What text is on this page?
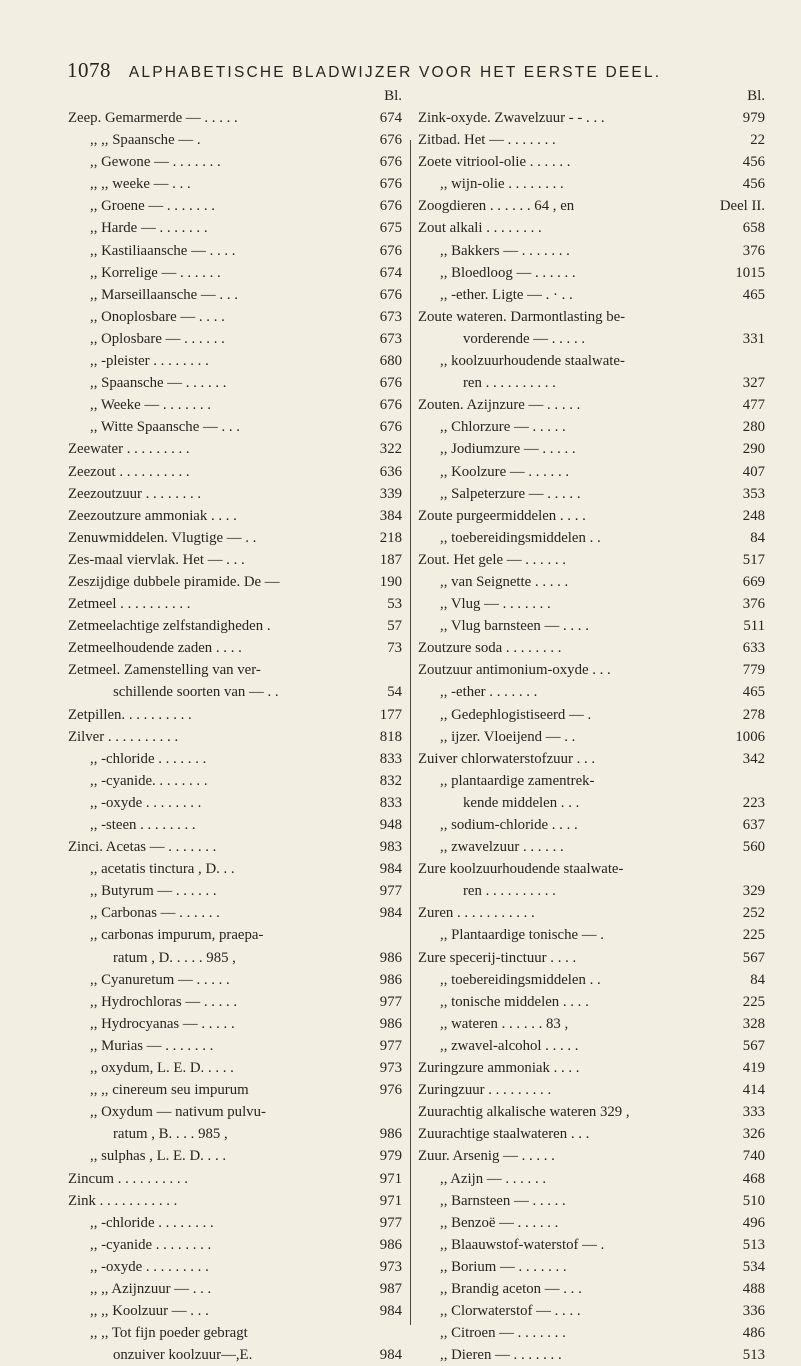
1078 ALPHABETISCHE BLADWIJZER VOOR HET EERSTE DEEL.
Bl.
Zeep. Gemarmerde — . . . . .	674
,, ,, Spaansche — .	676
,, Gewone — . . . . . . .	676
,, ,, weeke — . . .	676
,, Groene — . . . . . . .	676
,, Harde — . . . . . . .	675
,, Kastiliaansche — . . . .	676
,, Korrelige — . . . . . .	674
,, Marseillaansche — . . .	676
,, Onoplosbare — . . . .	673
,, Oplosbare — . . . . . .	673
,, -pleister . . . . . . . .	680
,, Spaansche — . . . . . .	676
,, Weeke — . . . . . . .	676
,, Witte Spaansche — . . .	676
Zeewater . . . . . . . . .	322
Zeezout . . . . . . . . . .	636
Zeezoutzuur . . . . . . . .	339
Zeezoutzure ammoniak . . . .	384
Zenuwmiddelen. Vlugtige — . .	218
Zes-maal viervlak. Het — . . .	187
Zeszijdige dubbele piramide. De —	190
Zetmeel . . . . . . . . . .	53
Zetmeelachtige zelfstandigheden .	57
Zetmeelhoudende zaden . . . .	73
Zetmeel. Zamenstelling van ver-
schillende soorten van — . .	54
Zetpillen. . . . . . . . . .	177
Zilver . . . . . . . . . .	818
,, -chloride . . . . . . .	833
,, -cyanide. . . . . . . .	832
,, -oxyde . . . . . . . .	833
,, -steen . . . . . . . .	948
Zinci. Acetas — . . . . . . .	983
,, acetatis tinctura , D. . .	984
,, Butyrum — . . . . . .	977
,, Carbonas — . . . . . .	984
,, carbonas impurum, praepa-
ratum , D. . . . . 985 ,	986
,, Cyanuretum — . . . . .	986
,, Hydrochloras — . . . . .	977
,, Hydrocyanas — . . . . .	986
,, Murias — . . . . . . .	977
,, oxydum, L. E. D. . . . .	973
,, ,, cinereum seu impurum	976
,, Oxydum — nativum pulvu-
ratum , B. . . . 985 ,	986
,, sulphas , L. E. D. . . .	979
Zincum . . . . . . . . . .	971
Zink . . . . . . . . . . .	971
,, -chloride . . . . . . . .	977
,, -cyanide . . . . . . . .	986
,, -oxyde . . . . . . . . .	973
,, ,, Azijnzuur — . . .	987
,, ,, Koolzuur — . . .	984
,, ,, Tot fijn poeder gebragt
onzuiver koolzuur—,E.	984
Bl.
Zink-oxyde. Zwavelzuur - - . . .	979
Zitbad. Het — . . . . . . .	22
Zoete vitriool-olie . . . . . .	456
,, wijn-olie . . . . . . . .	456
Zoogdieren . . . . . . 64 , en	Deel II.
Zout alkali . . . . . . . .	658
,, Bakkers — . . . . . . .	376
,, Bloedloog — . . . . . .	1015
,, -ether. Ligte — . · . .	465
Zoute wateren. Darmontlasting be-
vorderende — . . . . .	331
,, koolzuurhoudende staalwate-
ren . . . . . . . . . .	327
Zouten. Azijnzure — . . . . .	477
,, Chlorzure — . . . . .	280
,, Jodiumzure — . . . . .	290
,, Koolzure — . . . . . .	407
,, Salpeterzure — . . . . .	353
Zoute purgeermiddelen . . . .	248
,, toebereidingsmiddelen . .	84
Zout. Het gele — . . . . . .	517
,, van Seignette . . . . .	669
,, Vlug — . . . . . . .	376
,, Vlug barnsteen — . . . .	511
Zoutzure soda . . . . . . . .	633
Zoutzuur antimonium-oxyde . . .	779
,, -ether . . . . . . .	465
,, Gedephlogistiseerd — .	278
,, ijzer. Vloeijend — . .	1006
Zuiver chlorwaterstofzuur . . .	342
,, plantaardige zamentrek-
kende middelen . . .	223
,, sodium-chloride . . . .	637
,, zwavelzuur . . . . . .	560
Zure koolzuurhoudende staalwate-
ren . . . . . . . . . .	329
Zuren . . . . . . . . . . .	252
,, Plantaardige tonische — .	225
Zure specerij-tinctuur . . . .	567
,, toebereidingsmiddelen . .	84
,, tonische middelen . . . .	225
,, wateren . . . . . . 83 ,	328
,, zwavel-alcohol . . . . .	567
Zuringzure ammoniak . . . .	419
Zuringzuur . . . . . . . . .	414
Zuurachtig alkalische wateren 329 ,	333
Zuurachtige staalwateren . . .	326
Zuur. Arsenig — . . . . .	740
,, Azijn — . . . . . .	468
,, Barnsteen — . . . . .	510
,, Benzoë — . . . . . .	496
,, Blaauwstof-waterstof — .	513
,, Borium — . . . . . . .	534
,, Brandig aceton — . . .	488
,, Clorwaterstof — . . . .	336
,, Citroen — . . . . . . .	486
,, Dieren — . . . . . . .	513
